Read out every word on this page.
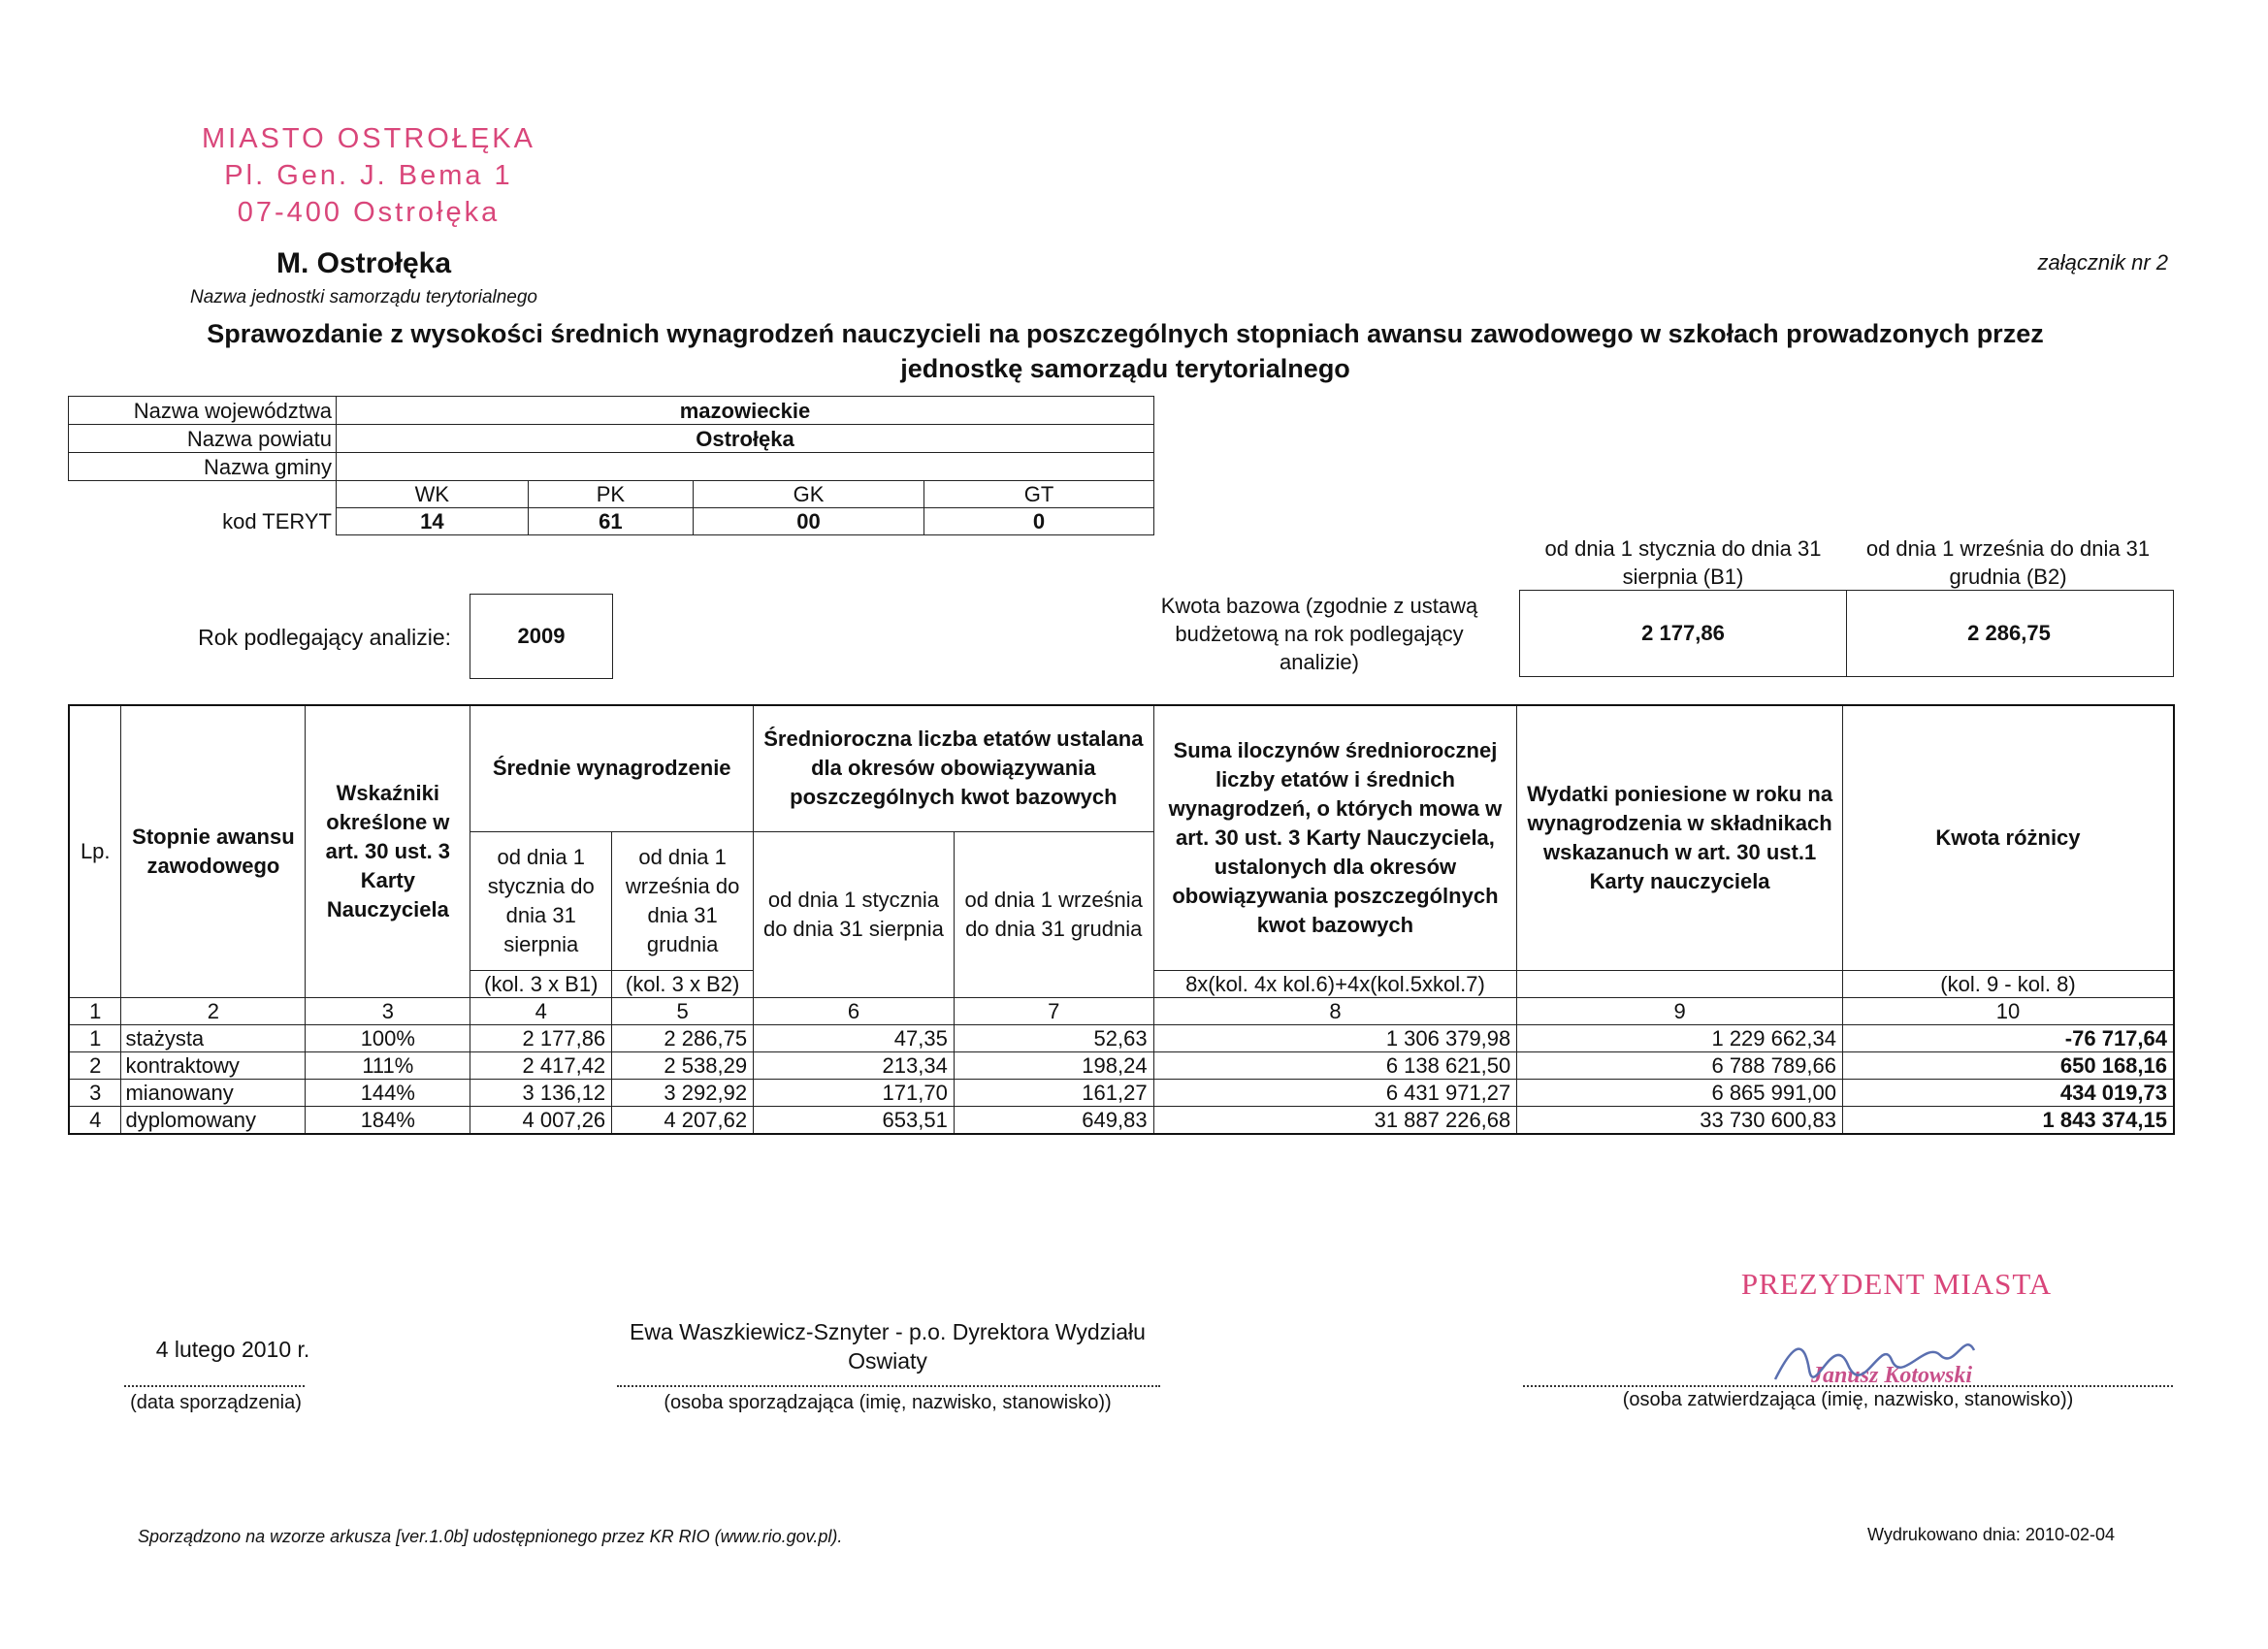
MIASTO OSTROŁĘKA
Pl. Gen. J. Bema 1
07-400 Ostrołęka
M. Ostrołęka
Nazwa jednostki samorządu terytorialnego
załącznik nr 2
Sprawozdanie z wysokości średnich wynagrodzeń nauczycieli na poszczególnych stopniach awansu zawodowego w szkołach prowadzonych przez
jednostkę samorządu terytorialnego
Nazwa województwa	mazowieckie			
Nazwa powiatu	Ostrołęka			
Nazwa gminy				
	WK	PK	GK	GT
kod TERYT	14	61	00	0
Rok podlegający analizie:	2009
od dnia 1 stycznia do dnia 31 sierpnia (B1)
od dnia 1 września do dnia 31 grudnia (B2)
Kwota bazowa (zgodnie z ustawą budżetową na rok podlegający analizie)
2 177,86	2 286,75
Lp.	Stopnie awansu zawodowego	Wskaźniki określone w art. 30 ust. 3 Karty Nauczyciela	Średnie wynagrodzenie		Średnioroczna liczba etatów ustalana dla okresów obowiązywania poszczególnych kwot bazowych		Suma iloczynów średniorocznej liczby etatów i średnich wynagrodzeń, o których mowa w art. 30 ust. 3 Karty Nauczyciela, ustalonych dla okresów obowiązywania poszczególnych kwot bazowych	Wydatki poniesione w roku na wynagrodzenia w składnikach wskazanuch w art. 30 ust.1 Karty nauczyciela	Kwota różnicy
			od dnia 1 stycznia do dnia 31 sierpnia	od dnia 1 września do dnia 31 grudnia	od dnia 1 stycznia do dnia 31 sierpnia	od dnia 1 września do dnia 31 grudnia			
			(kol. 3 x B1)	(kol. 3 x B2)			8x(kol. 4x kol.6)+4x(kol.5xkol.7)		(kol. 9 - kol. 8)
1	2	3	4	5	6	7	8	9	10
1	stażysta	100%	2 177,86	2 286,75	47,35	52,63	1 306 379,98	1 229 662,34	-76 717,64
2	kontraktowy	111%	2 417,42	2 538,29	213,34	198,24	6 138 621,50	6 788 789,66	650 168,16
3	mianowany	144%	3 136,12	3 292,92	171,70	161,27	6 431 971,27	6 865 991,00	434 019,73
4	dyplomowany	184%	4 007,26	4 207,62	653,51	649,83	31 887 226,68	33 730 600,83	1 843 374,15
4 lutego 2010 r.
(data sporządzenia)
Ewa Waszkiewicz-Sznyter - p.o. Dyrektora Wydziału Oswiaty
(osoba sporządzająca (imię, nazwisko, stanowisko))
PREZYDENT MIASTA
Janusz Kotowski
(osoba zatwierdzająca (imię, nazwisko, stanowisko))
Sporządzono na wzorze arkusza [ver.1.0b] udostępnionego przez KR RIO (www.rio.gov.pl).	Wydrukowano dnia: 2010-02-04
